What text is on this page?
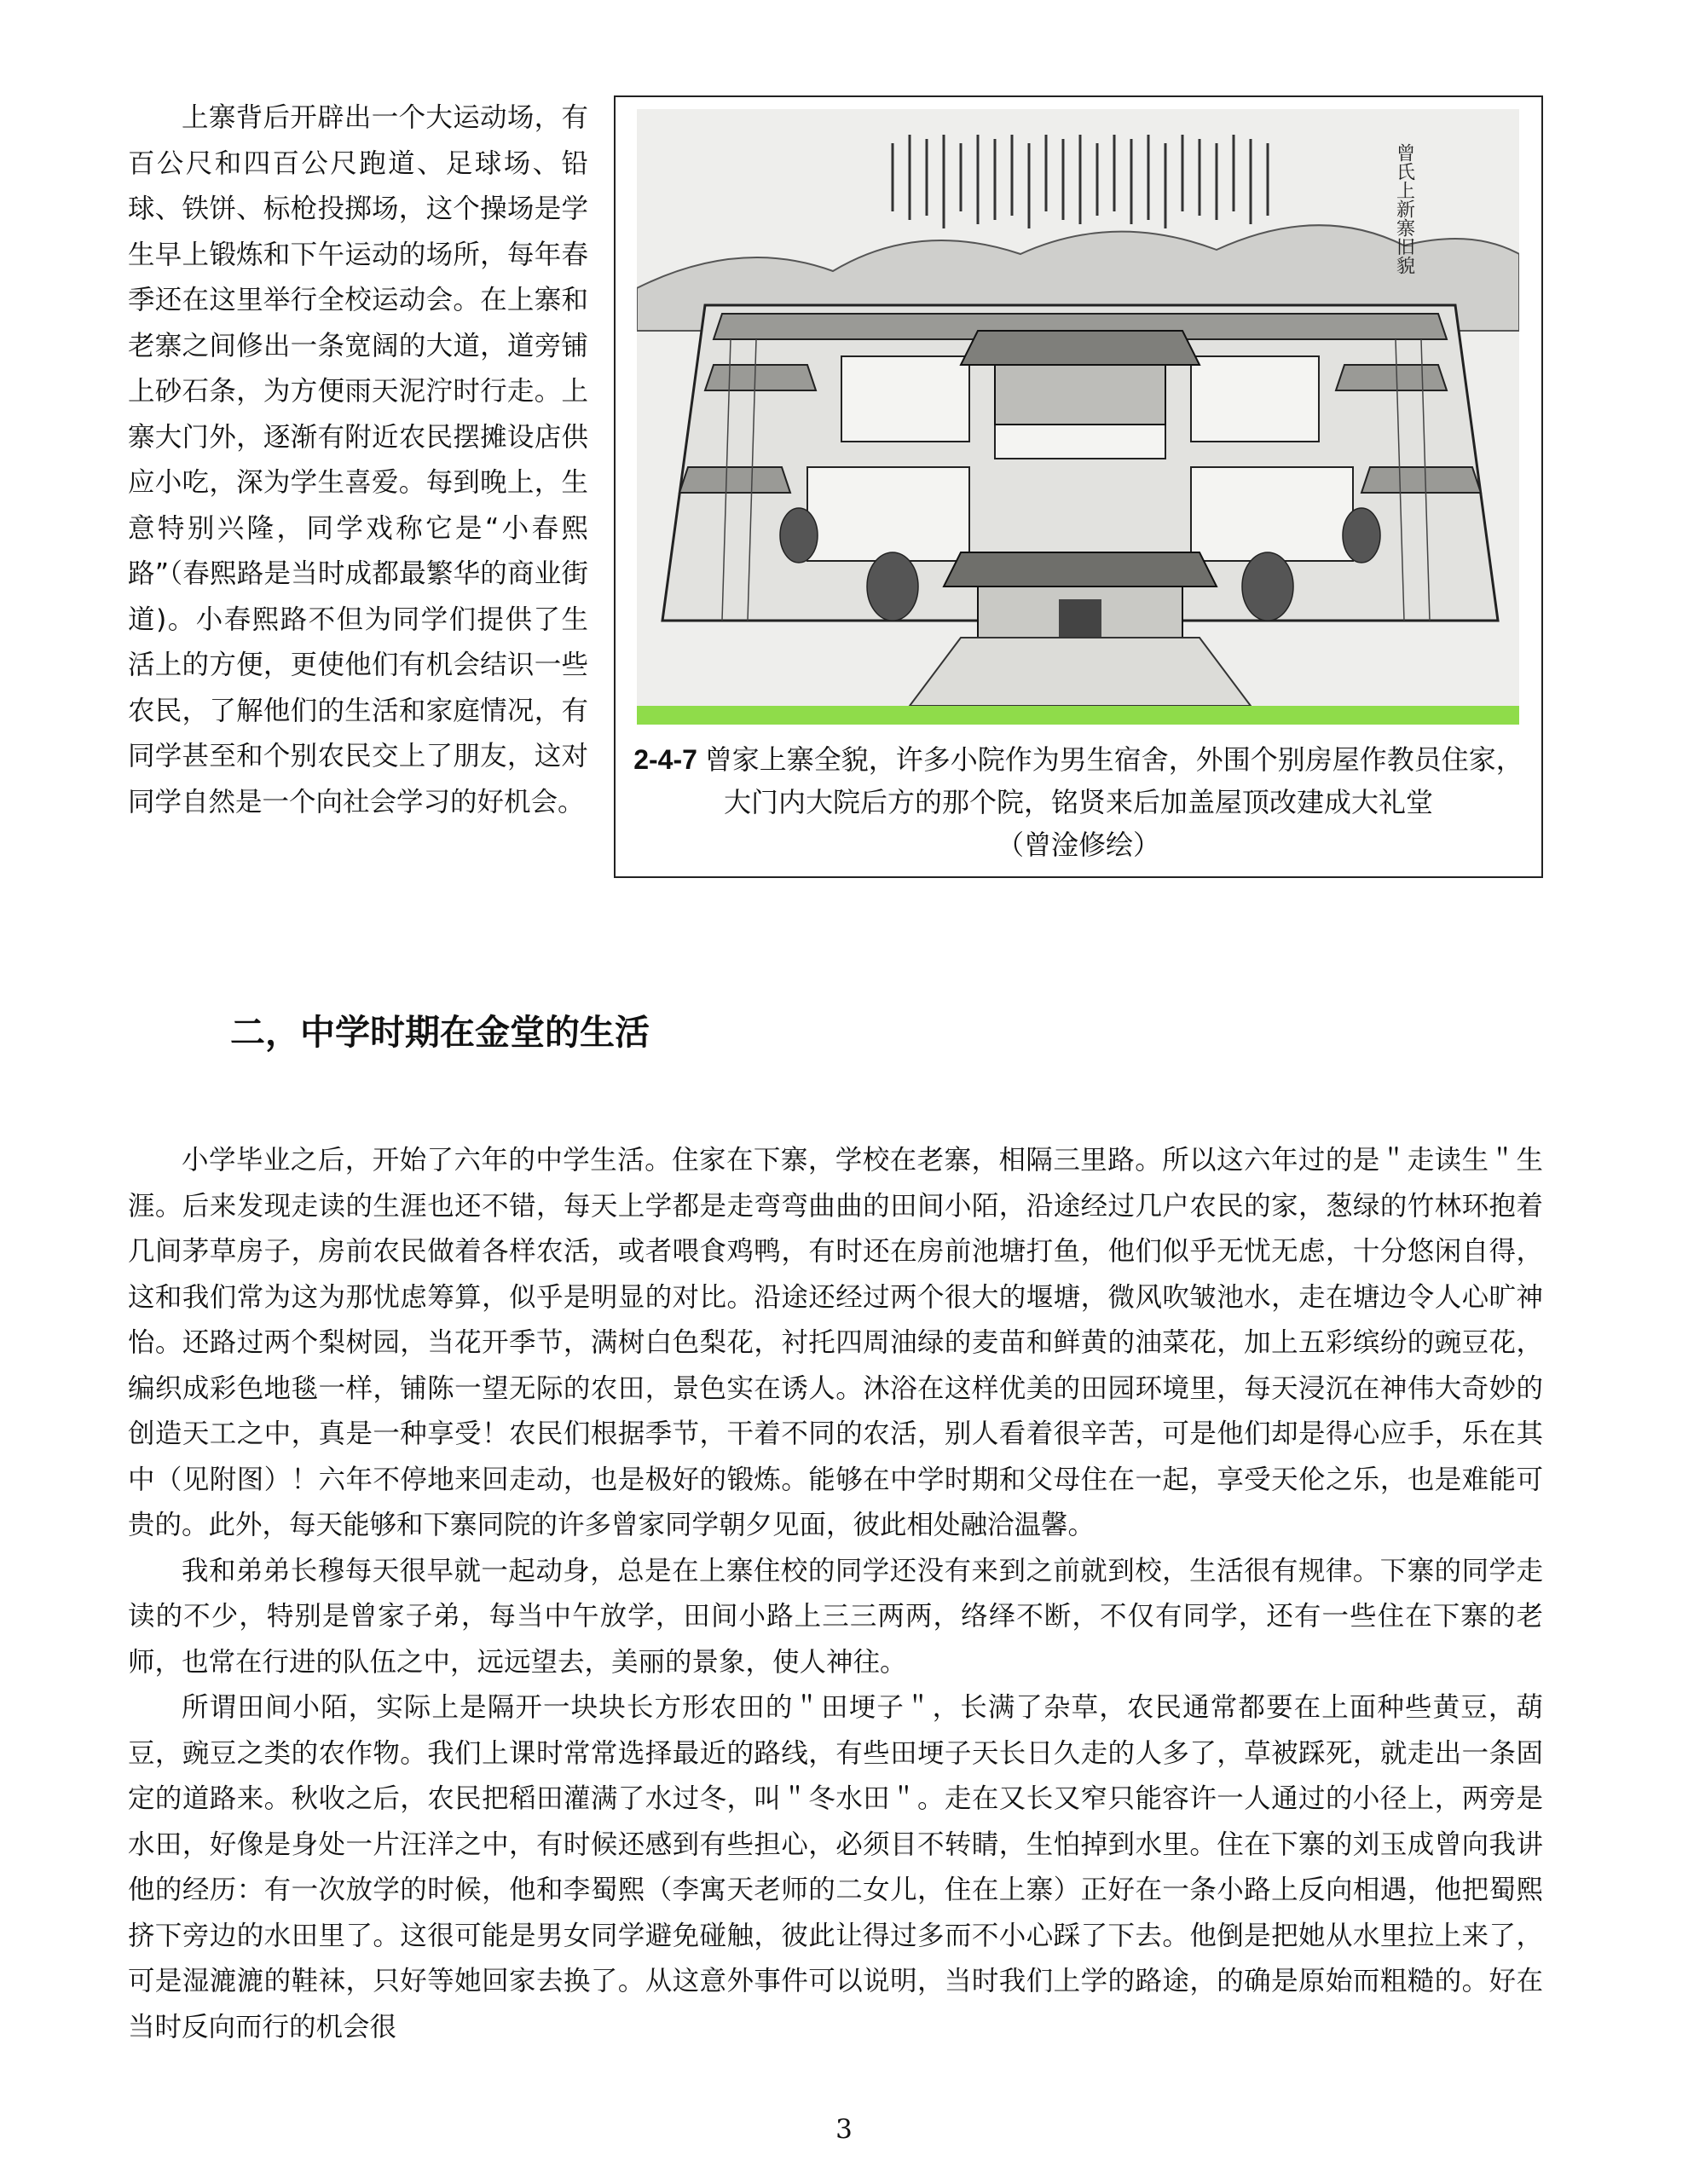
上寨背后开辟出一个大运动场，有百公尺和四百公尺跑道、足球场、铅球、铁饼、标枪投掷场，这个操场是学生早上锻炼和下午运动的场所，每年春季还在这里举行全校运动会。在上寨和老寨之间修出一条宽阔的大道，道旁铺上砂石条，为方便雨天泥泞时行走。上寨大门外，逐渐有附近农民摆摊设店供应小吃，深为学生喜爱。每到晚上，生意特别兴隆，同学戏称它是“小春熙路”（春熙路是当时成都最繁华的商业街道)。小春熙路不但为同学们提供了生活上的方便，更使他们有机会结识一些农民，了解他们的生活和家庭情况，有同学甚至和个别农民交上了朋友，这对同学自然是一个向社会学习的好机会。

曾氏上新寨旧貌
2-4-7 曾家上寨全貌，许多小院作为男生宿舍，外围个别房屋作教员住家，大门内大院后方的那个院，铭贤来后加盖屋顶改建成大礼堂
（曾淦修绘）
二，中学时期在金堂的生活

小学毕业之后，开始了六年的中学生活。住家在下寨，学校在老寨，相隔三里路。所以这六年过的是＂走读生＂生涯。后来发现走读的生涯也还不错，每天上学都是走弯弯曲曲的田间小陌，沿途经过几户农民的家，葱绿的竹林环抱着几间茅草房子，房前农民做着各样农活，或者喂食鸡鸭，有时还在房前池塘打鱼，他们似乎无忧无虑，十分悠闲自得，这和我们常为这为那忧虑筹算，似乎是明显的对比。沿途还经过两个很大的堰塘，微风吹皱池水，走在塘边令人心旷神怡。还路过两个梨树园，当花开季节，满树白色梨花，衬托四周油绿的麦苗和鲜黄的油菜花，加上五彩缤纷的豌豆花，编织成彩色地毯一样，铺陈一望无际的农田，景色实在诱人。沐浴在这样优美的田园环境里，每天浸沉在神伟大奇妙的创造天工之中，真是一种享受！农民们根据季节，干着不同的农活，别人看着很辛苦，可是他们却是得心应手，乐在其中（见附图）！六年不停地来回走动，也是极好的锻炼。能够在中学时期和父母住在一起，享受天伦之乐，也是难能可贵的。此外，每天能够和下寨同院的许多曾家同学朝夕见面，彼此相处融洽温馨。

我和弟弟长穆每天很早就一起动身，总是在上寨住校的同学还没有来到之前就到校，生活很有规律。下寨的同学走读的不少，特别是曾家子弟，每当中午放学，田间小路上三三两两，络绎不断，不仅有同学，还有一些住在下寨的老师，也常在行进的队伍之中，远远望去，美丽的景象，使人神往。

所谓田间小陌，实际上是隔开一块块长方形农田的＂田埂子＂，长满了杂草，农民通常都要在上面种些黄豆，葫豆，豌豆之类的农作物。我们上课时常常选择最近的路线，有些田埂子天长日久走的人多了，草被踩死，就走出一条固定的道路来。秋收之后，农民把稻田灌满了水过冬，叫＂冬水田＂。走在又长又窄只能容许一人通过的小径上，两旁是水田，好像是身处一片汪洋之中，有时候还感到有些担心，必须目不转睛，生怕掉到水里。住在下寨的刘玉成曾向我讲他的经历：有一次放学的时候，他和李蜀熙（李寓天老师的二女儿，住在上寨）正好在一条小路上反向相遇，他把蜀熙挤下旁边的水田里了。这很可能是男女同学避免碰触，彼此让得过多而不小心踩了下去。他倒是把她从水里拉上来了，可是湿漉漉的鞋袜，只好等她回家去换了。从这意外事件可以说明，当时我们上学的路途，的确是原始而粗糙的。好在当时反向而行的机会很

3
